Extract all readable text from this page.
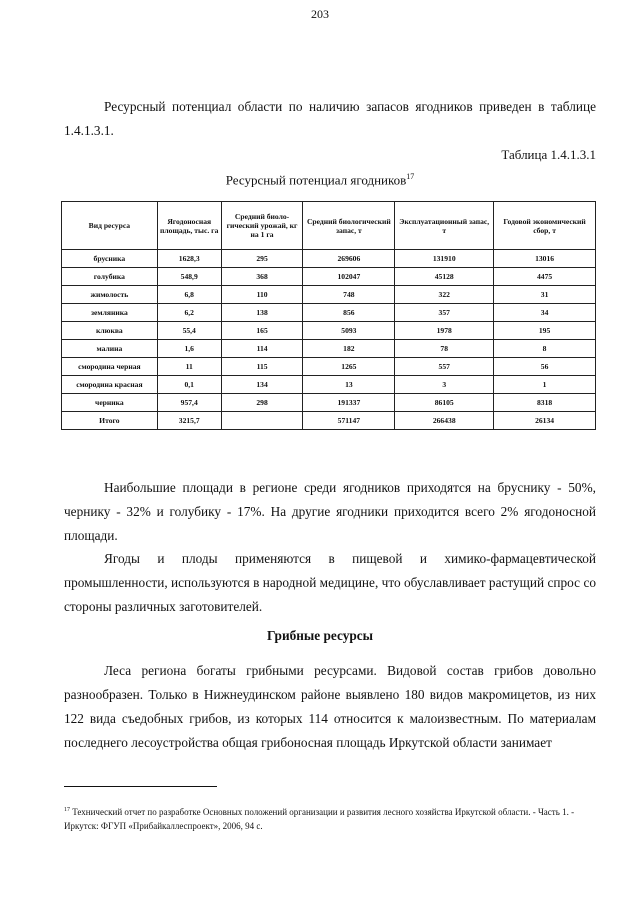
203

Ресурсный потенциал области по наличию запасов ягодников приведен в таблице 1.4.1.3.1.

Таблица 1.4.1.3.1
Ресурсный потенциал ягодников$^{17}$
Вид ресурса	Ягодоносная площадь, тыс. га	Средний биоло-гический урожай, кг на 1 га	Средний биологический запас, т	Эксплуатационный запас, т	Годовой экономический сбор, т
брусника	1628,3	295	269606	131910	13016
голубика	548,9	368	102047	45128	4475
жимолость	6,8	110	748	322	31
земляника	6,2	138	856	357	34
клюква	55,4	165	5093	1978	195
малина	1,6	114	182	78	8
смородина черная	11	115	1265	557	56
смородина красная	0,1	134	13	3	1
черника	957,4	298	191337	86105	8318
Итого	3215,7		571147	266438	26134

Наибольшие площади в регионе среди ягодников приходятся на бруснику - 50%, чернику - 32% и голубику - 17%. На другие ягодники приходится всего 2% ягодоносной площади.

Ягоды и плоды применяются в пищевой и химико-фармацевтической промышленности, используются в народной медицине, что обуславливает растущий спрос со стороны различных заготовителей.

Грибные ресурсы

Леса региона богаты грибными ресурсами. Видовой состав грибов довольно разнообразен. Только в Нижнеудинском районе выявлено 180 видов макромицетов, из них 122 вида съедобных грибов, из которых 114 относится к малоизвестным. По материалам последнего лесоустройства общая грибоносная площадь Иркутской области занимает

$^{17}$ Технический отчет по разработке Основных положений организации и развития лесного хозяйства Иркутской области. - Часть 1. - Иркутск: ФГУП «Прибайкаллеспроект», 2006, 94 с.
